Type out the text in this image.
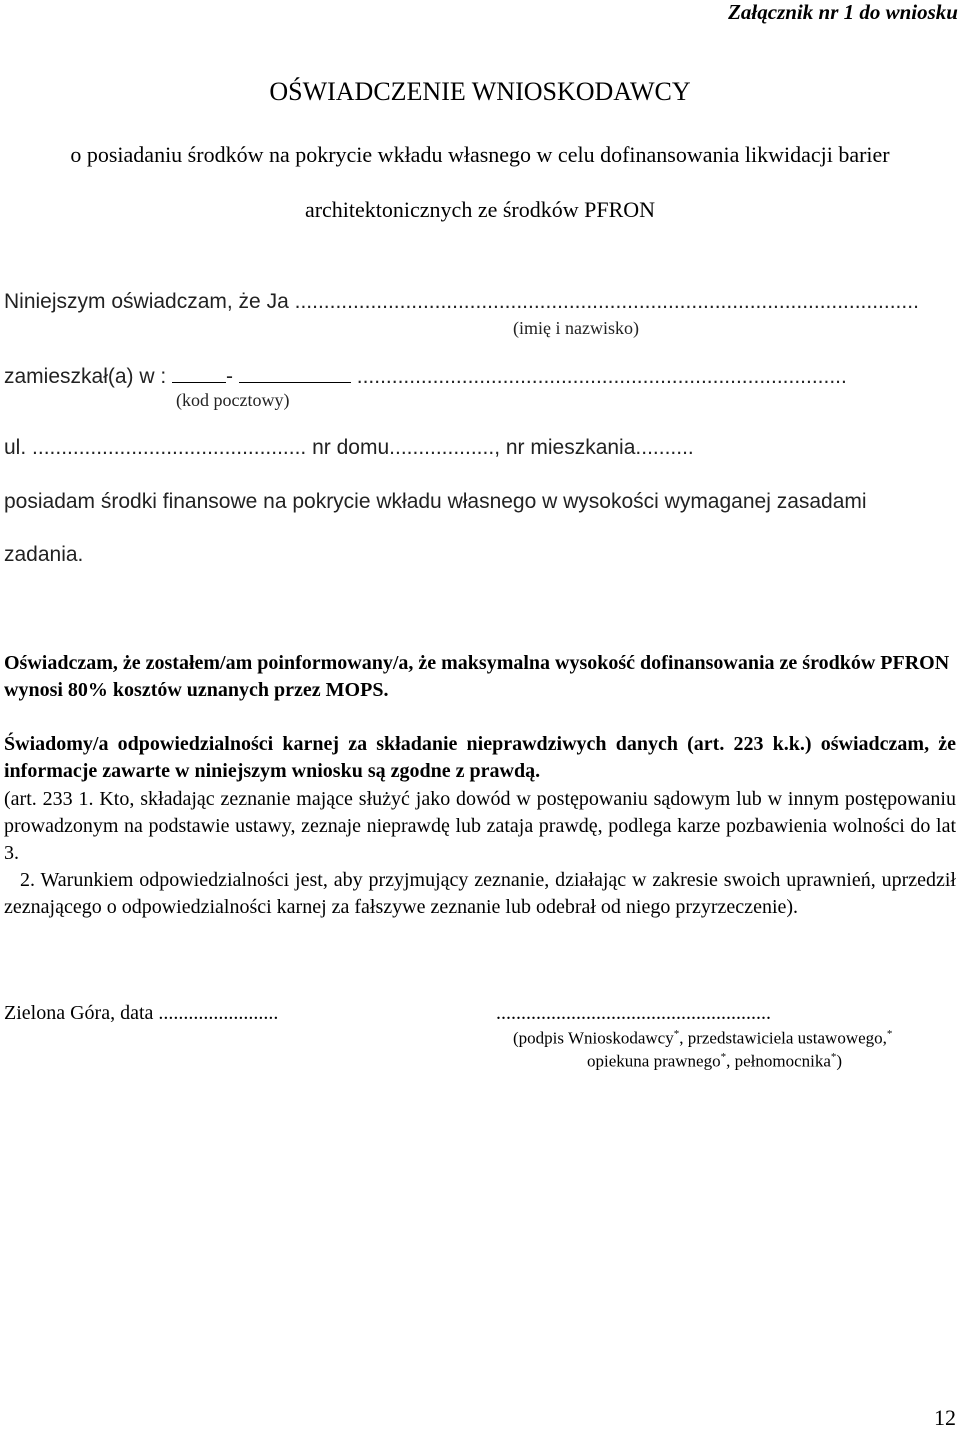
Załącznik nr 1 do wniosku
OŚWIADCZENIE WNIOSKODAWCY
o posiadaniu środków na pokrycie wkładu własnego w celu dofinansowania likwidacji barier
architektonicznych ze środków PFRON
Niniejszym oświadczam, że Ja ...........................................................................................................
(imię i nazwisko)
zamieszkał(a) w :	-	....................................................................................
(kod pocztowy)
ul. ............................................... nr domu.................., nr mieszkania..........
posiadam środki finansowe na pokrycie wkładu własnego w wysokości wymaganej zasadami
zadania.
Oświadczam, że zostałem/am poinformowany/a, że maksymalna wysokość dofinansowania ze środków PFRON wynosi 80% kosztów uznanych przez MOPS.
Świadomy/a odpowiedzialności karnej za składanie nieprawdziwych danych (art. 223 k.k.) oświadczam, że informacje zawarte w niniejszym wniosku są zgodne z prawdą.
(art. 233 1. Kto, składając zeznanie mające służyć jako dowód w postępowaniu sądowym lub w innym postępowaniu prowadzonym na podstawie ustawy, zeznaje nieprawdę lub zataja prawdę, podlega karze pozbawienia wolności do lat 3.
2. Warunkiem odpowiedzialności jest, aby przyjmujący zeznanie, działając w zakresie swoich uprawnień, uprzedził zeznającego o odpowiedzialności karnej za fałszywe zeznanie lub odebrał od niego przyrzeczenie).
Zielona Góra, data ........................	.......................................................
(podpis Wnioskodawcy*, przedstawiciela ustawowego,*
opiekuna prawnego*, pełnomocnika*)
12
